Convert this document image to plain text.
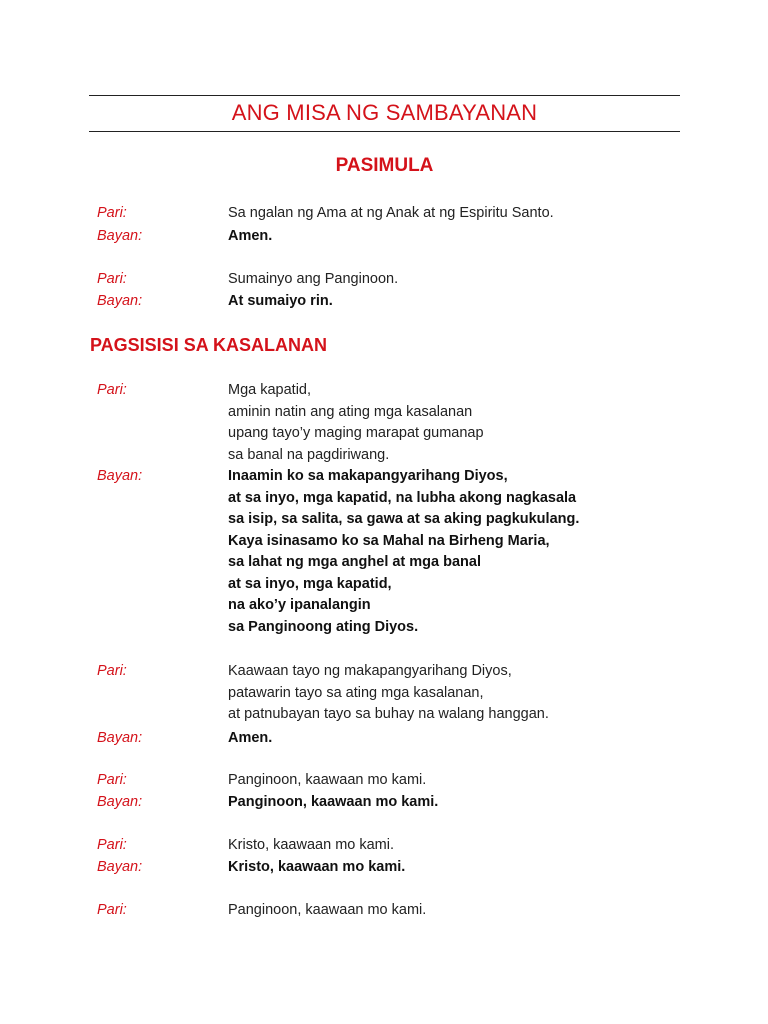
ANG MISA NG SAMBAYANAN
PASIMULA
PAGSISISI SA KASALANAN
Pari:	Sa ngalan ng Ama at ng Anak at ng Espiritu Santo.
Bayan:	Amen.
Pari:	Sumainyo ang Panginoon.
Bayan:	At sumaiyo rin.
Pari:	Mga kapatid,
aminin natin ang ating mga kasalanan
upang tayo’y maging marapat gumanap
sa banal na pagdiriwang.
Bayan:	Inaamin ko sa makapangyarihang Diyos,
at sa inyo, mga kapatid, na lubha akong nagkasala
sa isip, sa salita, sa gawa at sa aking pagkukulang.
Kaya isinasamo ko sa Mahal na Birheng Maria,
sa lahat ng mga anghel at mga banal
at sa inyo, mga kapatid,
na ako’y ipanalangin
sa Panginoong ating Diyos.
Pari:	Kaawaan tayo ng makapangyarihang Diyos,
patawarin tayo sa ating mga kasalanan,
at patnubayan tayo sa buhay na walang hanggan.
Bayan:	Amen.
Pari:	Panginoon, kaawaan mo kami.
Bayan:	Panginoon, kaawaan mo kami.
Pari:	Kristo, kaawaan mo kami.
Bayan:	Kristo, kaawaan mo kami.
Pari:	Panginoon, kaawaan mo kami.
